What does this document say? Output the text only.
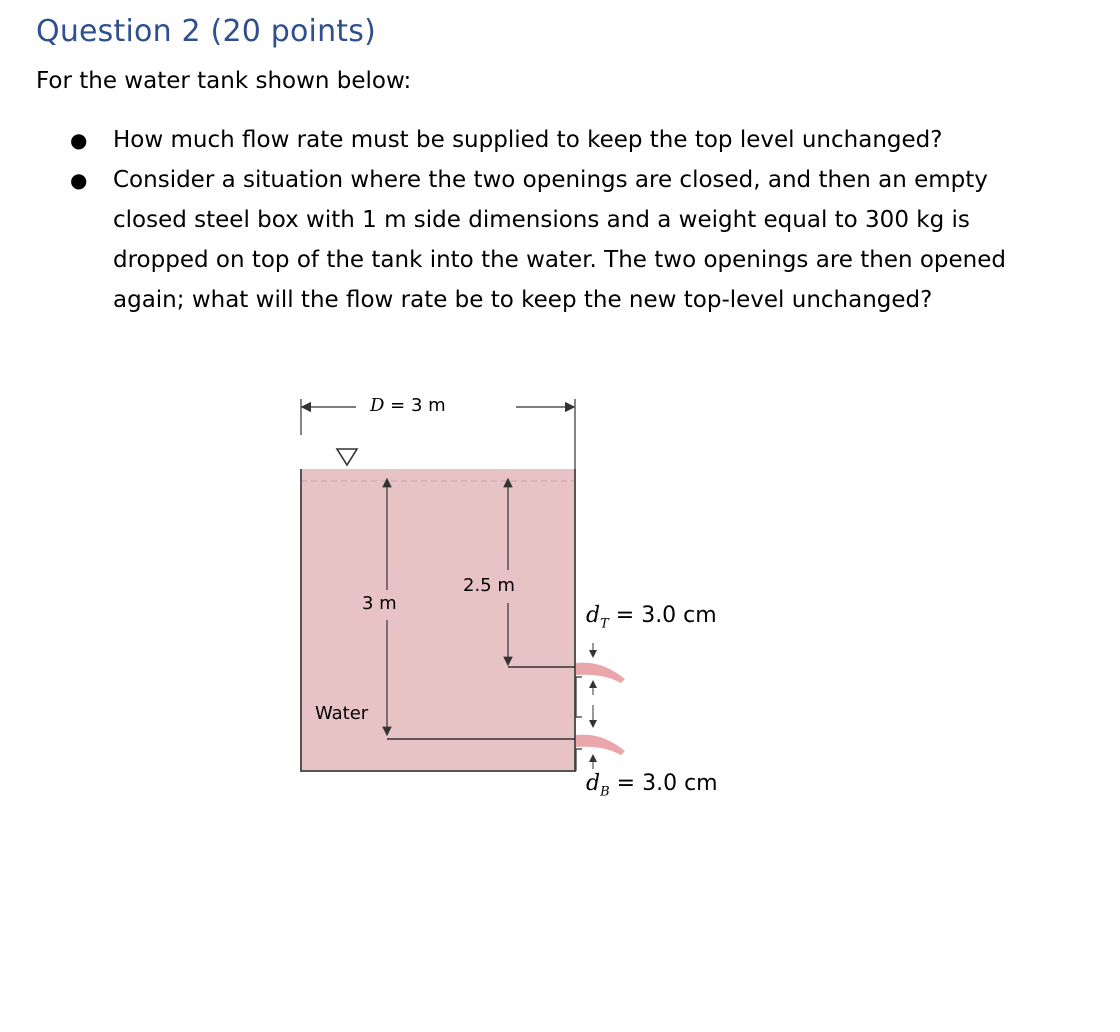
Question 2 (20 points)
For the water tank shown below:
● How much flow rate must be supplied to keep the top level unchanged?
● Consider a situation where the two openings are closed, and then an empty closed steel box with 1 m side dimensions and a weight equal to 300 kg is dropped on top of the tank into the water. The two openings are then opened again; what will the flow rate be to keep the new top-level unchanged?
D = 3 m
3 m
2.5 m
Water
$d_T = 3.0$ cm
$d_B = 3.0$ cm
